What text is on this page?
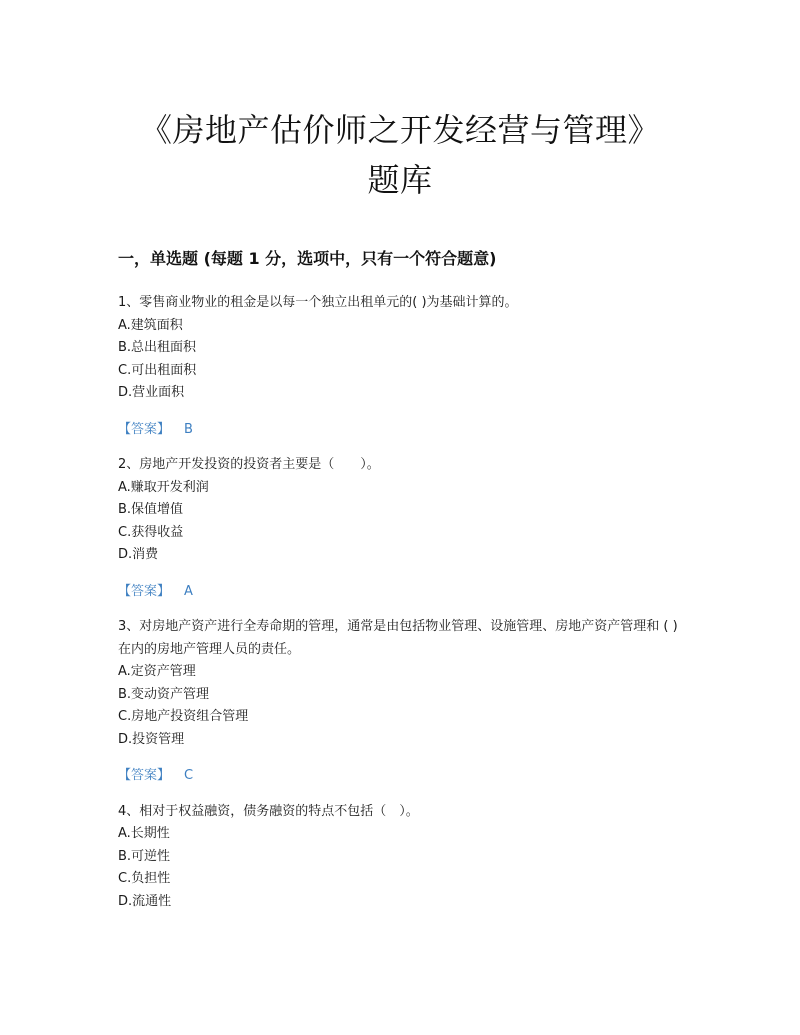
《房地产估价师之开发经营与管理》
题库
一，单选题 (每题 1 分，选项中，只有一个符合题意)
1、零售商业物业的租金是以每一个独立出租单元的( )为基础计算的。
A.建筑面积
B.总出租面积
C.可出租面积
D.营业面积
【答案】 B
2、房地产开发投资的投资者主要是（　　）。
A.赚取开发利润
B.保值增值
C.获得收益
D.消费
【答案】 A
3、对房地产资产进行全寿命期的管理，通常是由包括物业管理、设施管理、房地产资产管理和 ( )在内的房地产管理人员的责任。
A.定资产管理
B.变动资产管理
C.房地产投资组合管理
D.投资管理
【答案】 C
4、相对于权益融资，债务融资的特点不包括（　）。
A.长期性
B.可逆性
C.负担性
D.流通性
